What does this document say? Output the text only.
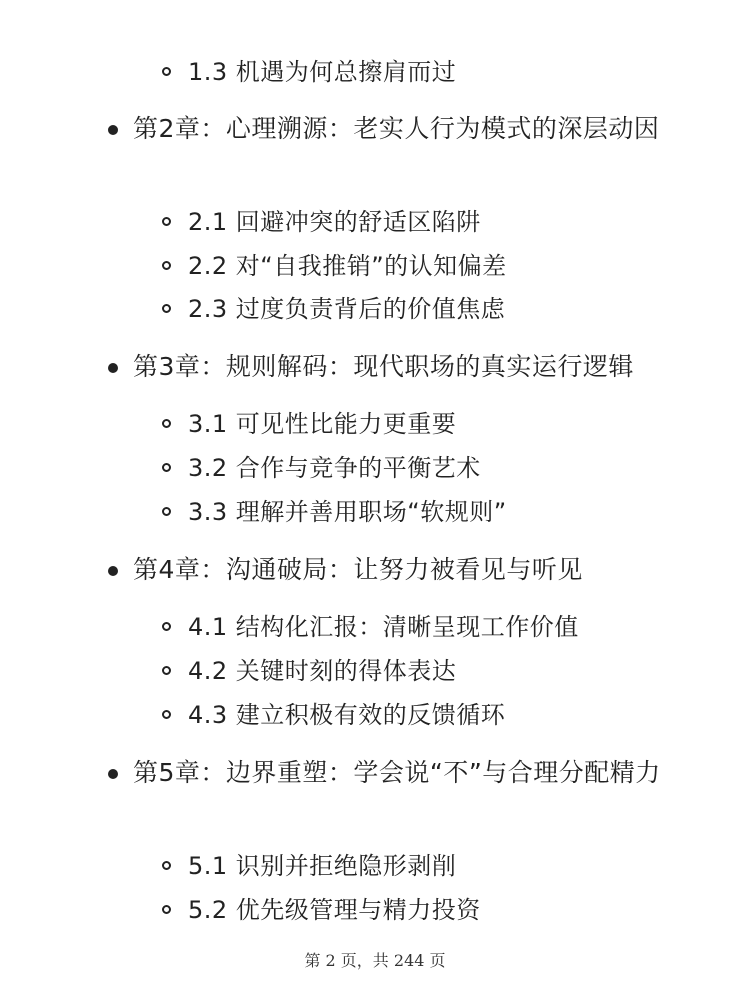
1.3 机遇为何总擦肩而过
第2章：心理溯源：老实人行为模式的深层动因
2.1 回避冲突的舒适区陷阱
2.2 对“自我推销”的认知偏差
2.3 过度负责背后的价值焦虑
第3章：规则解码：现代职场的真实运行逻辑
3.1 可见性比能力更重要
3.2 合作与竞争的平衡艺术
3.3 理解并善用职场“软规则”
第4章：沟通破局：让努力被看见与听见
4.1 结构化汇报：清晰呈现工作价值
4.2 关键时刻的得体表达
4.3 建立积极有效的反馈循环
第5章：边界重塑：学会说“不”与合理分配精力
5.1 识别并拒绝隐形剥削
5.2 优先级管理与精力投资
第 2 页，共 244 页
